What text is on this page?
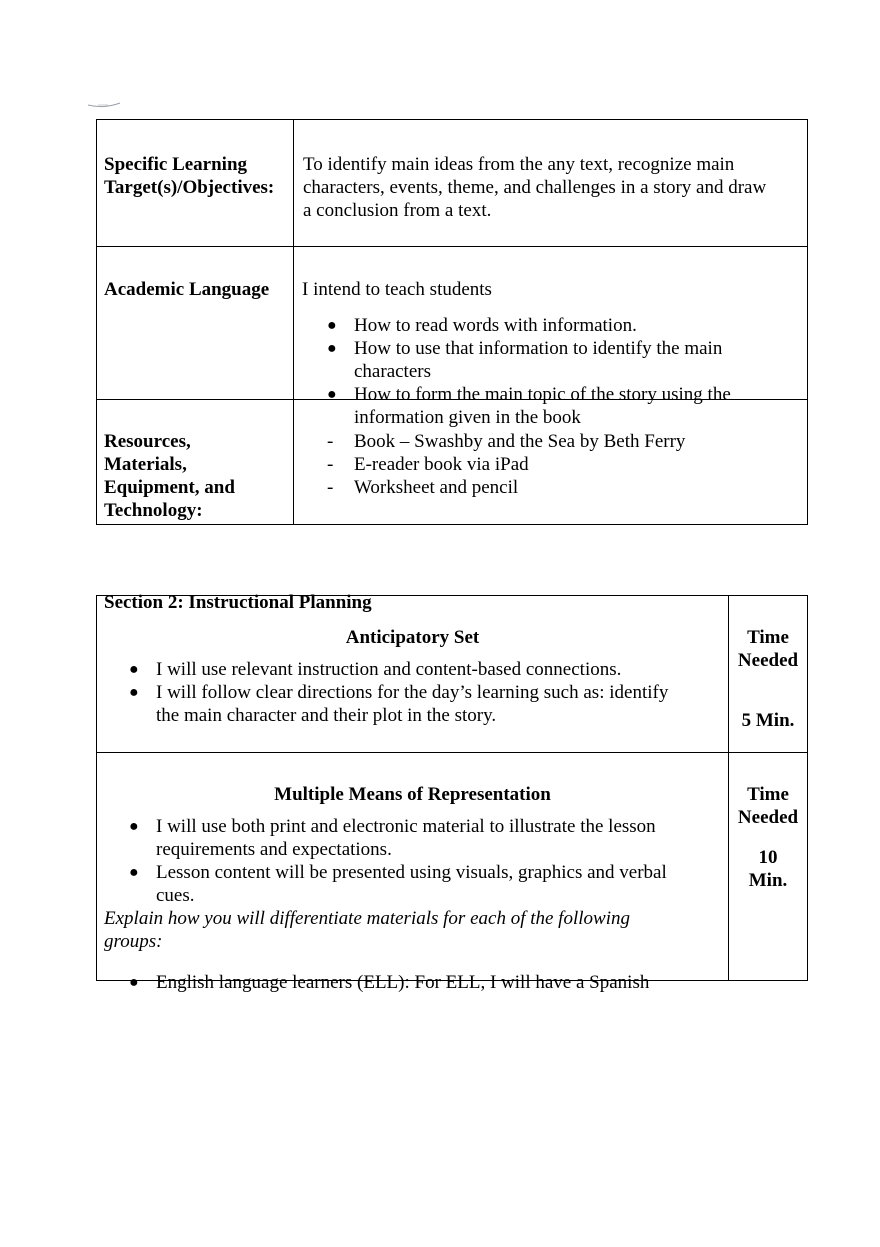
Specific Learning
Target(s)/Objectives:
To identify main ideas from the any text, recognize main
characters, events, theme, and challenges in a story and draw
a conclusion from a text.
Academic Language I intend to teach students
● How to read words with information.
● How to use that information to identify the main
characters
● How to form the main topic of the story using the
information given in the book
Resources,
Materials,
Equipment, and
Technology:
-
-
-
Book – Swashby and the Sea by Beth Ferry
E-reader book via iPad
Worksheet and pencil
Section 2: Instructional Planning
Anticipatory Set
● I will use relevant instruction and content-based connections.
● I will follow clear directions for the day’s learning such as: identify
the main character and their plot in the story.
Time
Needed
5 Min.
Multiple Means of Representation
● I will use both print and electronic material to illustrate the lesson
requirements and expectations.
● Lesson content will be presented using visuals, graphics and verbal
cues.
Explain how you will differentiate materials for each of the following
groups:
● English language learners (ELL): For ELL, I will have a Spanish
Time
Needed
10
Min.
